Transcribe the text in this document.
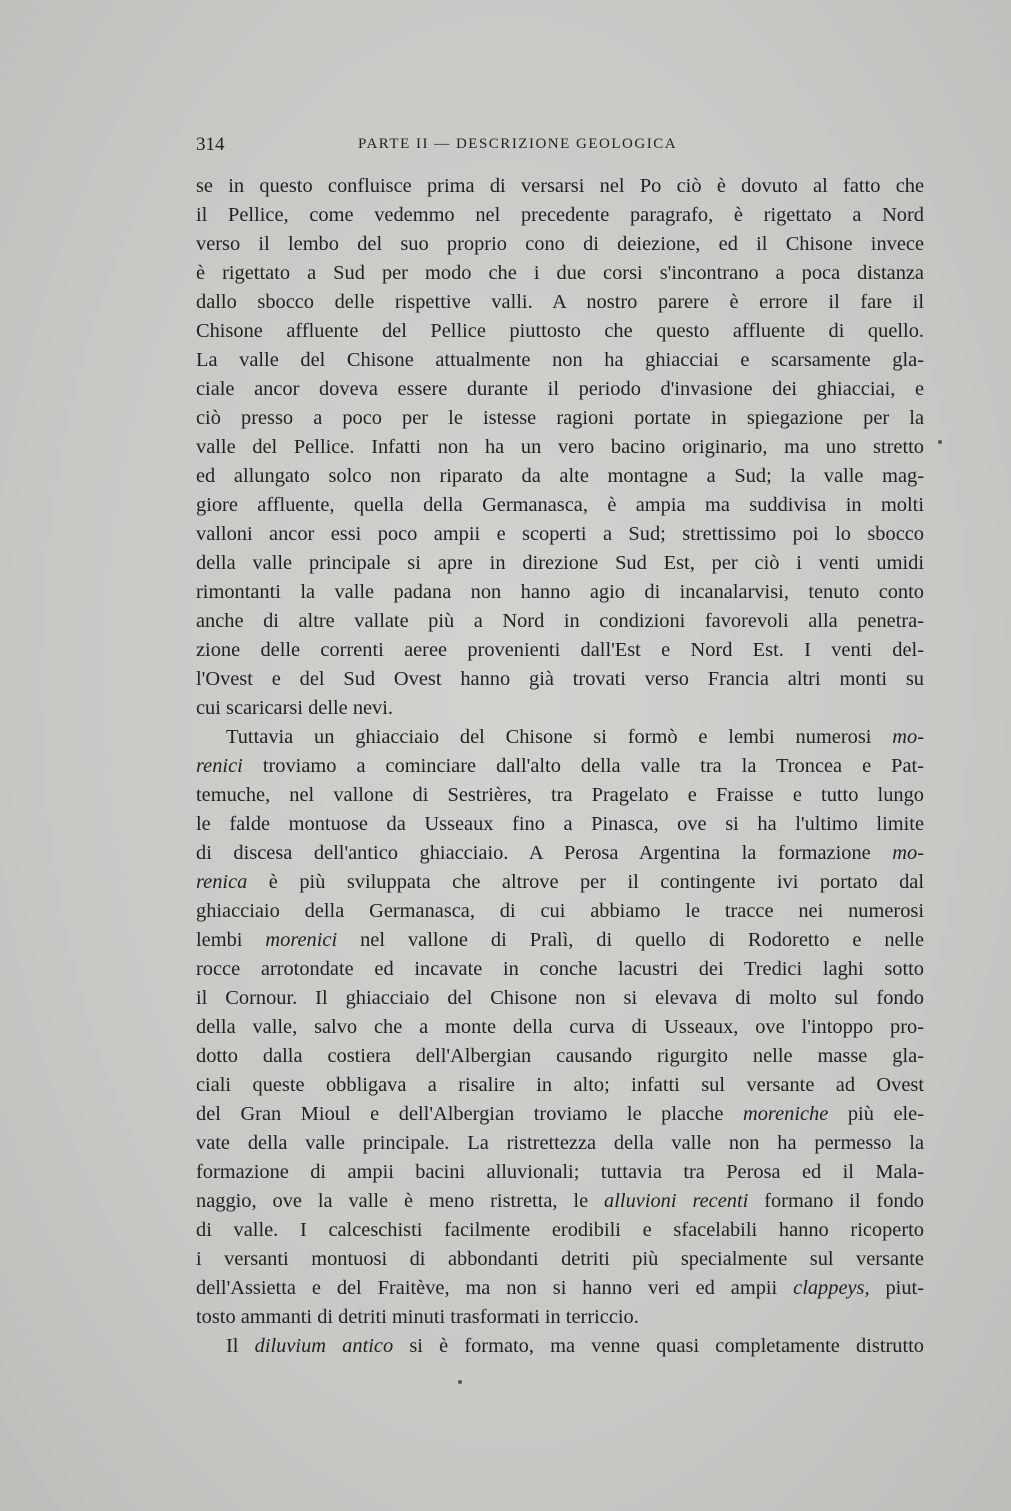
314	PARTE II — DESCRIZIONE GEOLOGICA
se in questo confluisce prima di versarsi nel Po ciò è dovuto al fatto che
il Pellice, come vedemmo nel precedente paragrafo, è rigettato a Nord
verso il lembo del suo proprio cono di deiezione, ed il Chisone invece
è rigettato a Sud per modo che i due corsi s'incontrano a poca distanza
dallo sbocco delle rispettive valli. A nostro parere è errore il fare il
Chisone affluente del Pellice piuttosto che questo affluente di quello.
La valle del Chisone attualmente non ha ghiacciai e scarsamente gla-
ciale ancor doveva essere durante il periodo d'invasione dei ghiacciai, e
ciò presso a poco per le istesse ragioni portate in spiegazione per la
valle del Pellice. Infatti non ha un vero bacino originario, ma uno stretto
ed allungato solco non riparato da alte montagne a Sud; la valle mag-
giore affluente, quella della Germanasca, è ampia ma suddivisa in molti
valloni ancor essi poco ampii e scoperti a Sud; strettissimo poi lo sbocco
della valle principale si apre in direzione Sud Est, per ciò i venti umidi
rimontanti la valle padana non hanno agio di incanalarvisi, tenuto conto
anche di altre vallate più a Nord in condizioni favorevoli alla penetra-
zione delle correnti aeree provenienti dall'Est e Nord Est. I venti del-
l'Ovest e del Sud Ovest hanno già trovati verso Francia altri monti su
cui scaricarsi delle nevi.
Tuttavia un ghiacciaio del Chisone si formò e lembi numerosi mo-
renici troviamo a cominciare dall'alto della valle tra la Troncea e Pat-
temuche, nel vallone di Sestrières, tra Pragelato e Fraisse e tutto lungo
le falde montuose da Usseaux fino a Pinasca, ove si ha l'ultimo limite
di discesa dell'antico ghiacciaio. A Perosa Argentina la formazione mo-
renica è più sviluppata che altrove per il contingente ivi portato dal
ghiacciaio della Germanasca, di cui abbiamo le tracce nei numerosi
lembi morenici nel vallone di Pralì, di quello di Rodoretto e nelle
rocce arrotondate ed incavate in conche lacustri dei Tredici laghi sotto
il Cornour. Il ghiacciaio del Chisone non si elevava di molto sul fondo
della valle, salvo che a monte della curva di Usseaux, ove l'intoppo pro-
dotto dalla costiera dell'Albergian causando rigurgito nelle masse gla-
ciali queste obbligava a risalire in alto; infatti sul versante ad Ovest
del Gran Mioul e dell'Albergian troviamo le placche moreniche più ele-
vate della valle principale. La ristrettezza della valle non ha permesso la
formazione di ampii bacini alluvionali; tuttavia tra Perosa ed il Mala-
naggio, ove la valle è meno ristretta, le alluvioni recenti formano il fondo
di valle. I calceschisti facilmente erodibili e sfacelabili hanno ricoperto
i versanti montuosi di abbondanti detriti più specialmente sul versante
dell'Assietta e del Fraitève, ma non si hanno veri ed ampii clappeys, piut-
tosto ammanti di detriti minuti trasformati in terriccio.
Il diluvium antico si è formato, ma venne quasi completamente distrutto
